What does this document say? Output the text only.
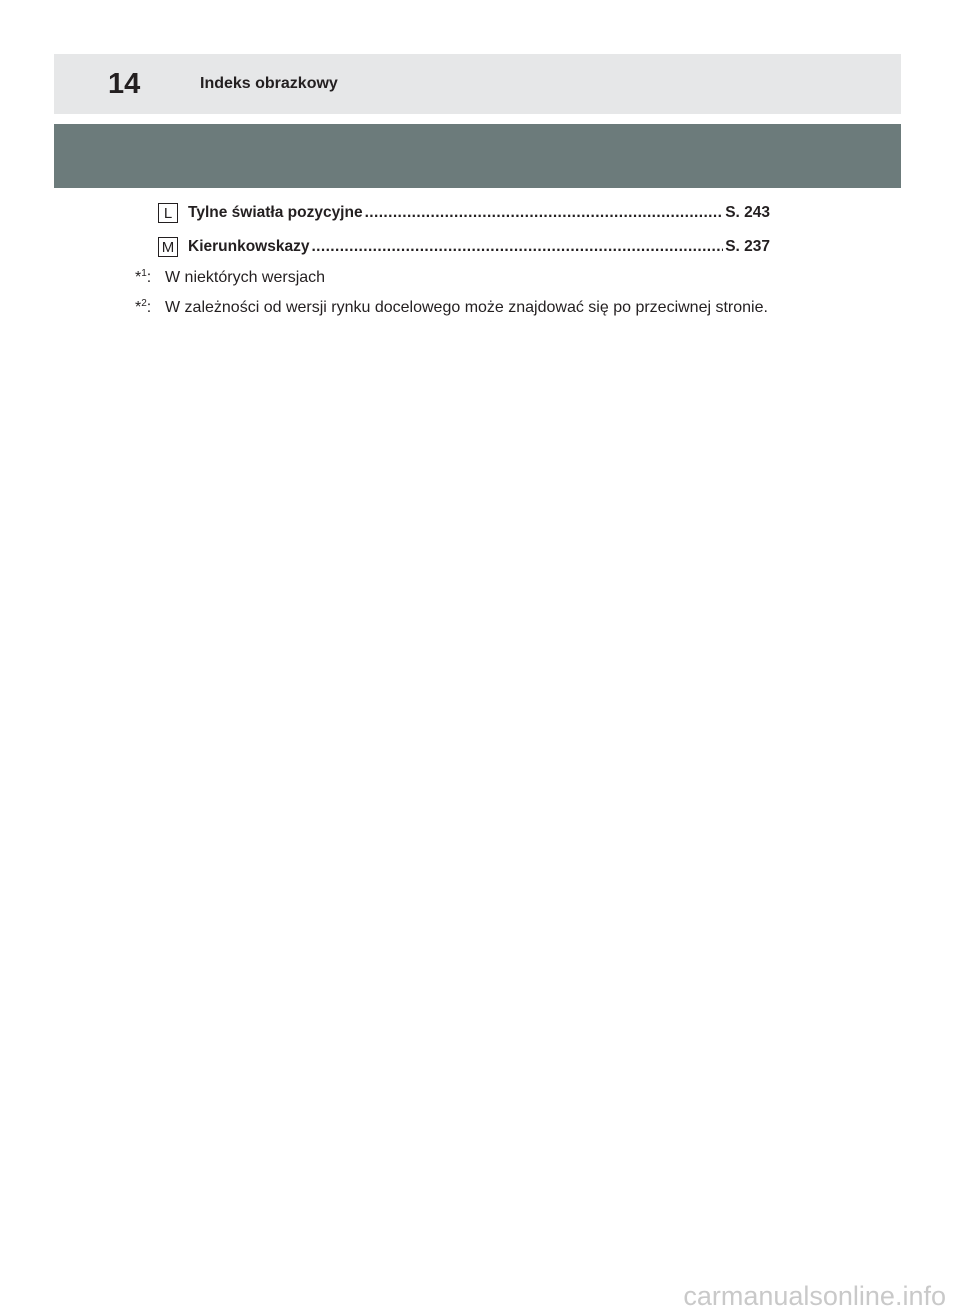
14	Indeks obrazkowy
L	Tylne światła pozycyjne .....	S. 243
M Kierunkowskazy .....	S. 237
*$^1$: W niektórych wersjach
*$^2$: W zależności od wersji rynku docelowego może znajdować się po przeciwnej stronie.
carmanualsonline.info
